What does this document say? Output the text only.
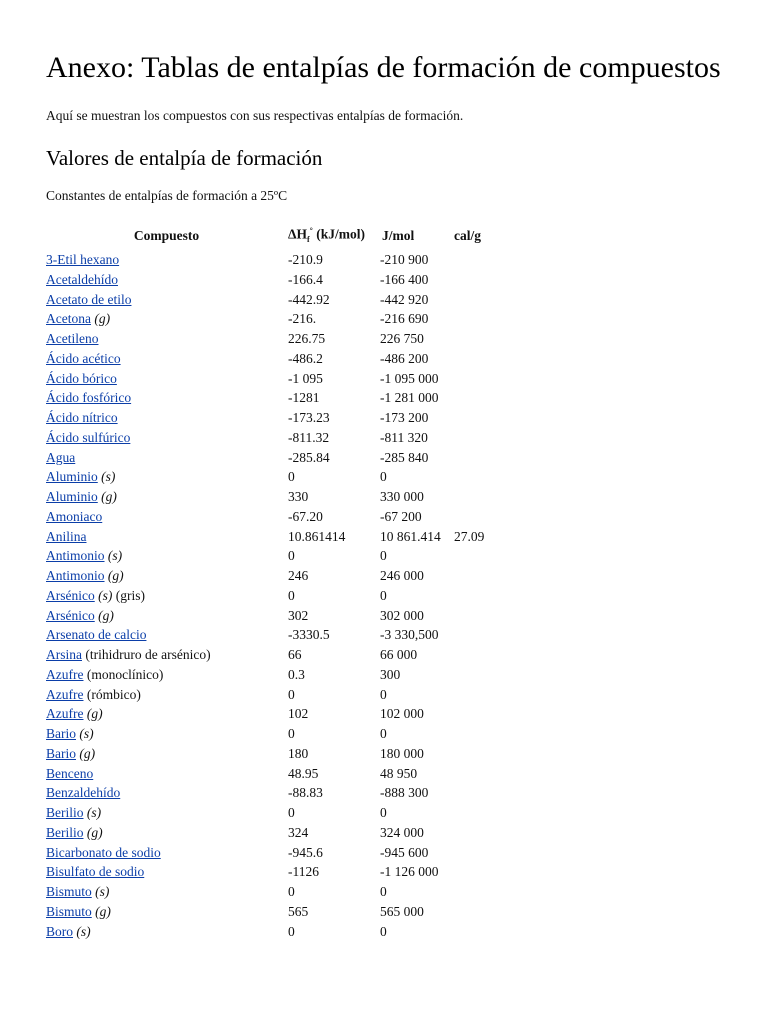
Anexo: Tablas de entalpías de formación de compuestos

Aquí se muestran los compuestos con sus respectivas entalpías de formación.

Valores de entalpía de formación

Constantes de entalpías de formación a 25ºC

Compuesto	$\Delta H_f^\circ$ (kJ/mol)	J/mol	cal/g
3-Etil hexano	-210.9	-210 900	
Acetaldehído	-166.4	-166 400	
Acetato de etilo	-442.92	-442 920	
Acetona (g)	-216.	-216 690	
Acetileno	226.75	226 750	
Ácido acético	-486.2	-486 200	
Ácido bórico	-1 095	-1 095 000	
Ácido fosfórico	-1281	-1 281 000	
Ácido nítrico	-173.23	-173 200	
Ácido sulfúrico	-811.32	-811 320	
Agua	-285.84	-285 840	
Aluminio (s)	0	0	
Aluminio (g)	330	330 000	
Amoniaco	-67.20	-67 200	
Anilina	10.861414	10 861.414	27.09
Antimonio (s)	0	0	
Antimonio (g)	246	246 000	
Arsénico (s) (gris)	0	0	
Arsénico (g)	302	302 000	
Arsenato de calcio	-3330.5	-3 330,500	
Arsina (trihidruro de arsénico)	66	66 000	
Azufre (monoclínico)	0.3	300	
Azufre (rómbico)	0	0	
Azufre (g)	102	102 000	
Bario (s)	0	0	
Bario (g)	180	180 000	
Benceno	48.95	48 950	
Benzaldehído	-88.83	-888 300	
Berilio (s)	0	0	
Berilio (g)	324	324 000	
Bicarbonato de sodio	-945.6	-945 600	
Bisulfato de sodio	-1126	-1 126 000	
Bismuto (s)	0	0	
Bismuto (g)	565	565 000	
Boro (s)	0	0	
